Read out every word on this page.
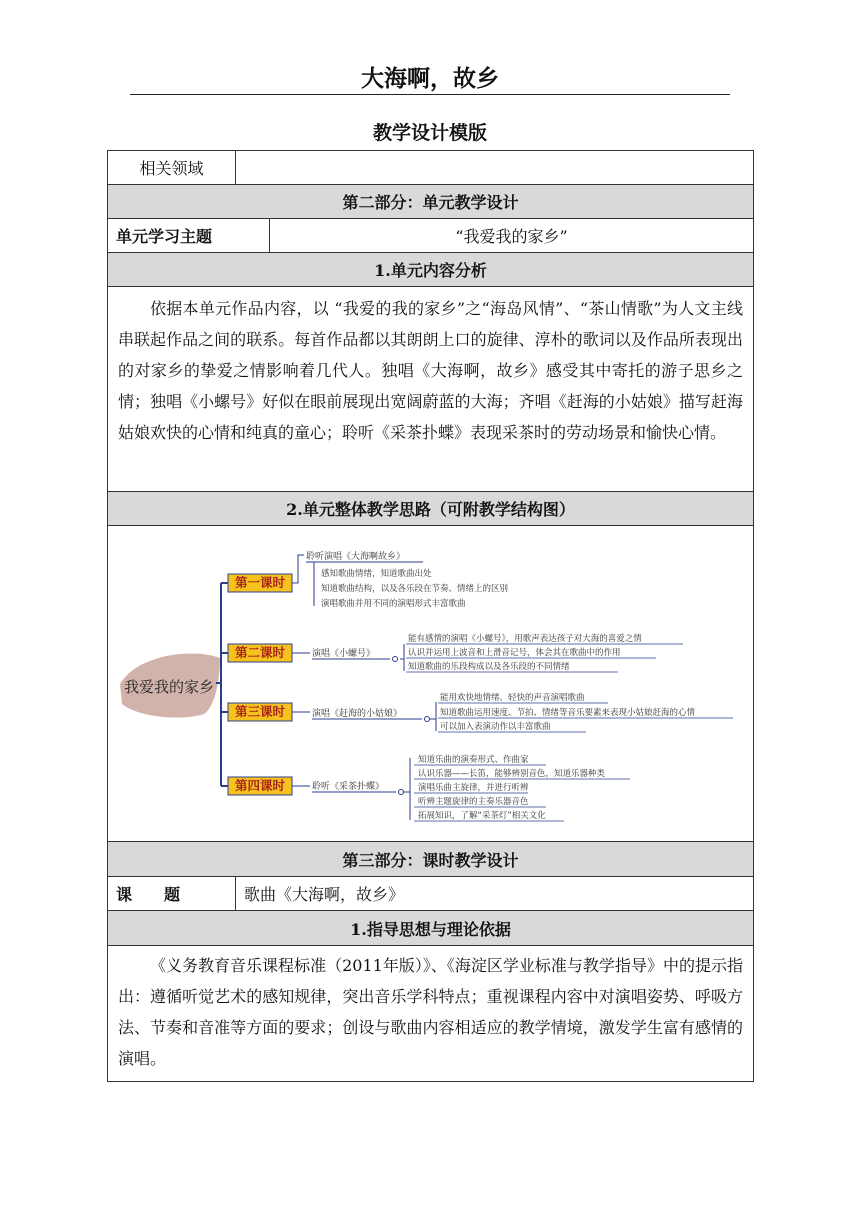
大海啊，故乡
教学设计模版
相关领域
第二部分：单元教学设计
单元学习主题	“我爱我的家乡”
1.单元内容分析
依据本单元作品内容，以 “我爱的我的家乡”之“海岛风情”、“茶山情歌”为人文主线串联起作品之间的联系。每首作品都以其朗朗上口的旋律、淳朴的歌词以及作品所表现出的对家乡的挚爱之情影响着几代人。独唱《大海啊，故乡》感受其中寄托的游子思乡之情；独唱《小螺号》好似在眼前展现出宽阔蔚蓝的大海；齐唱《赶海的小姑娘》描写赶海姑娘欢快的心情和纯真的童心；聆听《采茶扑蝶》表现采茶时的劳动场景和愉快心情。
2.单元整体教学思路（可附教学结构图）
我爱我的家乡
第一课时
聆听演唱《大海啊故乡》
感知歌曲情绪，知道歌曲出处
知道歌曲结构，以及各乐段在节奏、情绪上的区别
演唱歌曲并用不同的演唱形式丰富歌曲
第二课时	演唱《小螺号》
能有感情的演唱《小螺号》，用歌声表达孩子对大海的喜爱之情
认识并运用上波音和上滑音记号，体会其在歌曲中的作用
知道歌曲的乐段构成以及各乐段的不同情绪
第三课时	演唱《赶海的小姑娘》
能用欢快地情绪、轻快的声音演唱歌曲
知道歌曲运用速度、节拍、情绪等音乐要素来表现小姑娘赶海的心情
可以加入表演动作以丰富歌曲
第四课时	聆听《采茶扑蝶》
知道乐曲的演奏形式、作曲家
认识乐器——长笛，能够辨别音色，知道乐器种类
演唱乐曲主旋律，并进行听辨
听辨主题旋律的主奏乐器音色
拓展知识，了解“采茶灯”相关文化
第三部分：课时教学设计
课　　题	歌曲《大海啊，故乡》
1.指导思想与理论依据
《义务教育音乐课程标准（2011年版）》、《海淀区学业标准与教学指导》中的提示指出：遵循听觉艺术的感知规律，突出音乐学科特点；重视课程内容中对演唱姿势、呼吸方法、节奏和音准等方面的要求；创设与歌曲内容相适应的教学情境，激发学生富有感情的演唱。
